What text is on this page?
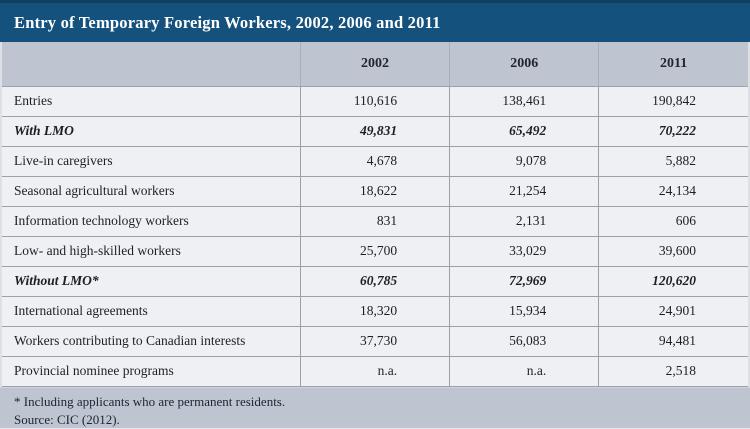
Entry of Temporary Foreign Workers, 2002, 2006 and 2011
	2002	2006	2011
Entries	110,616	138,461	190,842
With LMO	49,831	65,492	70,222
Live-in caregivers	4,678	9,078	5,882
Seasonal agricultural workers	18,622	21,254	24,134
Information technology workers	831	2,131	606
Low- and high-skilled workers	25,700	33,029	39,600
Without LMO*	60,785	72,969	120,620
International agreements	18,320	15,934	24,901
Workers contributing to Canadian interests	37,730	56,083	94,481
Provincial nominee programs	n.a.	n.a.	2,518
* Including applicants who are permanent residents.
Source: CIC (2012).
